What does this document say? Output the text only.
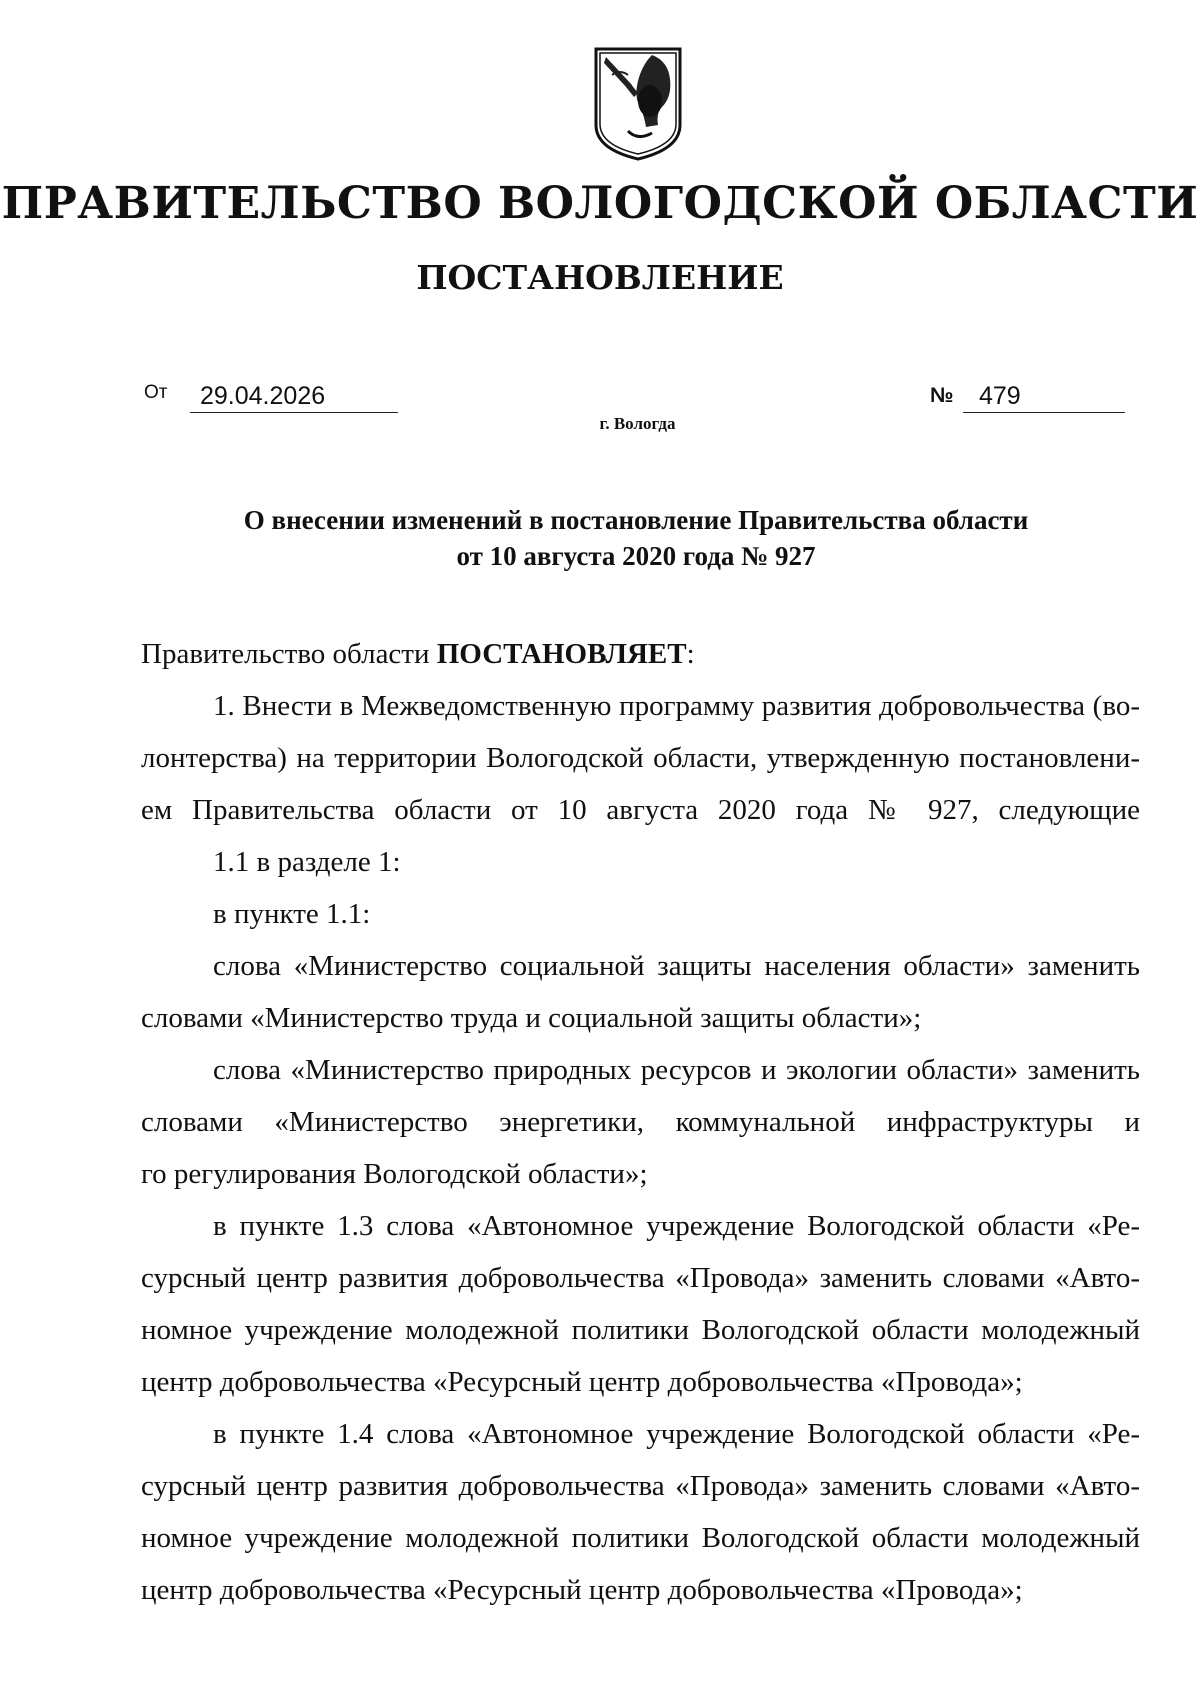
ПРАВИТЕЛЬСТВО ВОЛОГОДСКОЙ ОБЛАСТИ
ПОСТАНОВЛЕНИЕ
От	29.04.2026	№	479
г. Вологда
О внесении изменений в постановление Правительства области
от 10 августа 2020 года № 927
Правительство области ПОСТАНОВЛЯЕТ:
1. Внести в Межведомственную программу развития добровольчества (во-
лонтерства) на территории Вологодской области, утвержденную постановлени-
ем Правительства области от 10 августа 2020 года № 927, следующие
1.1 в разделе 1:
в пункте 1.1:
слова «Министерство социальной защиты населения области» заменить
словами «Министерство труда и социальной защиты области»;
слова «Министерство природных ресурсов и экологии области» заменить
словами «Министерство энергетики, коммунальной инфраструктуры и
го регулирования Вологодской области»;
в пункте 1.3 слова «Автономное учреждение Вологодской области «Ре-
сурсный центр развития добровольчества «Провода» заменить словами «Авто-
номное учреждение молодежной политики Вологодской области молодежный
центр добровольчества «Ресурсный центр добровольчества «Провода»;
в пункте 1.4 слова «Автономное учреждение Вологодской области «Ре-
сурсный центр развития добровольчества «Провода» заменить словами «Авто-
номное учреждение молодежной политики Вологодской области молодежный
центр добровольчества «Ресурсный центр добровольчества «Провода»;
